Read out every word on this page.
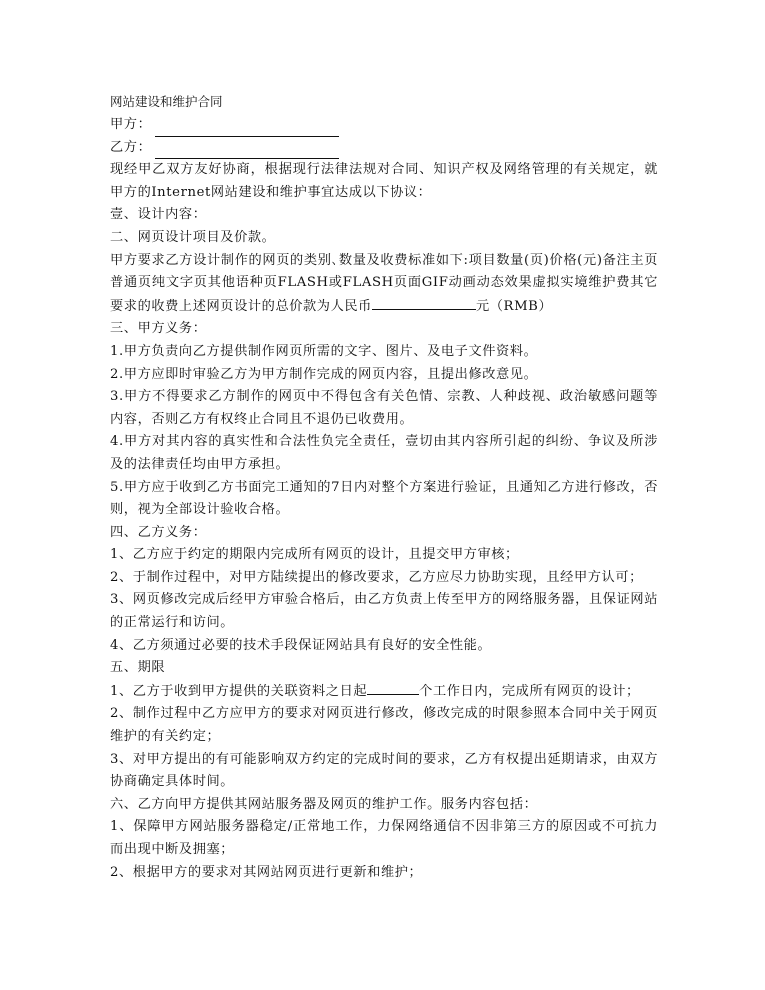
网站建设和维护合同
甲方：
乙方：

现经甲乙双方友好协商，根据现行法律法规对合同、知识产权及网络管理的有关规定，就甲方的Internet网站建设和维护事宜达成以下协议：

壹、设计内容：

二、网页设计项目及价款。

甲方要求乙方设计制作的网页的类别､数量及收费标准如下:项目数量(页)价格(元)备注主页普通页纯文字页其他语种页FLASH或FLASH页面GIF动画动态效果虚拟实境维护费其它要求的收费上述网页设计的总价款为人民币	元（RMB）

三、甲方义务：

1.甲方负责向乙方提供制作网页所需的文字、图片、及电子文件资料。

2.甲方应即时审验乙方为甲方制作完成的网页内容，且提出修改意见。

3.甲方不得要求乙方制作的网页中不得包含有关色情、宗教、人种歧视、政治敏感问题等内容，否则乙方有权终止合同且不退仍已收费用。

4.甲方对其内容的真实性和合法性负完全责任，壹切由其内容所引起的纠纷、争议及所涉及的法律责任均由甲方承担。

5.甲方应于收到乙方书面完工通知的7日内对整个方案进行验证，且通知乙方进行修改，否则，视为全部设计验收合格。

四、乙方义务：

1、乙方应于约定的期限内完成所有网页的设计，且提交甲方审核；

2、于制作过程中，对甲方陆续提出的修改要求，乙方应尽力协助实现，且经甲方认可；

3、网页修改完成后经甲方审验合格后，由乙方负责上传至甲方的网络服务器，且保证网站的正常运行和访问。

4、乙方须通过必要的技术手段保证网站具有良好的安全性能。

五、期限

1、乙方于收到甲方提供的关联资料之日起	个工作日内，完成所有网页的设计；

2、制作过程中乙方应甲方的要求对网页进行修改，修改完成的时限参照本合同中关于网页维护的有关约定；

3、对甲方提出的有可能影响双方约定的完成时间的要求，乙方有权提出延期请求，由双方协商确定具体时间。

六、乙方向甲方提供其网站服务器及网页的维护工作。服务内容包括：

1、保障甲方网站服务器稳定/正常地工作，力保网络通信不因非第三方的原因或不可抗力而出现中断及拥塞；

2、根据甲方的要求对其网站网页进行更新和维护；
